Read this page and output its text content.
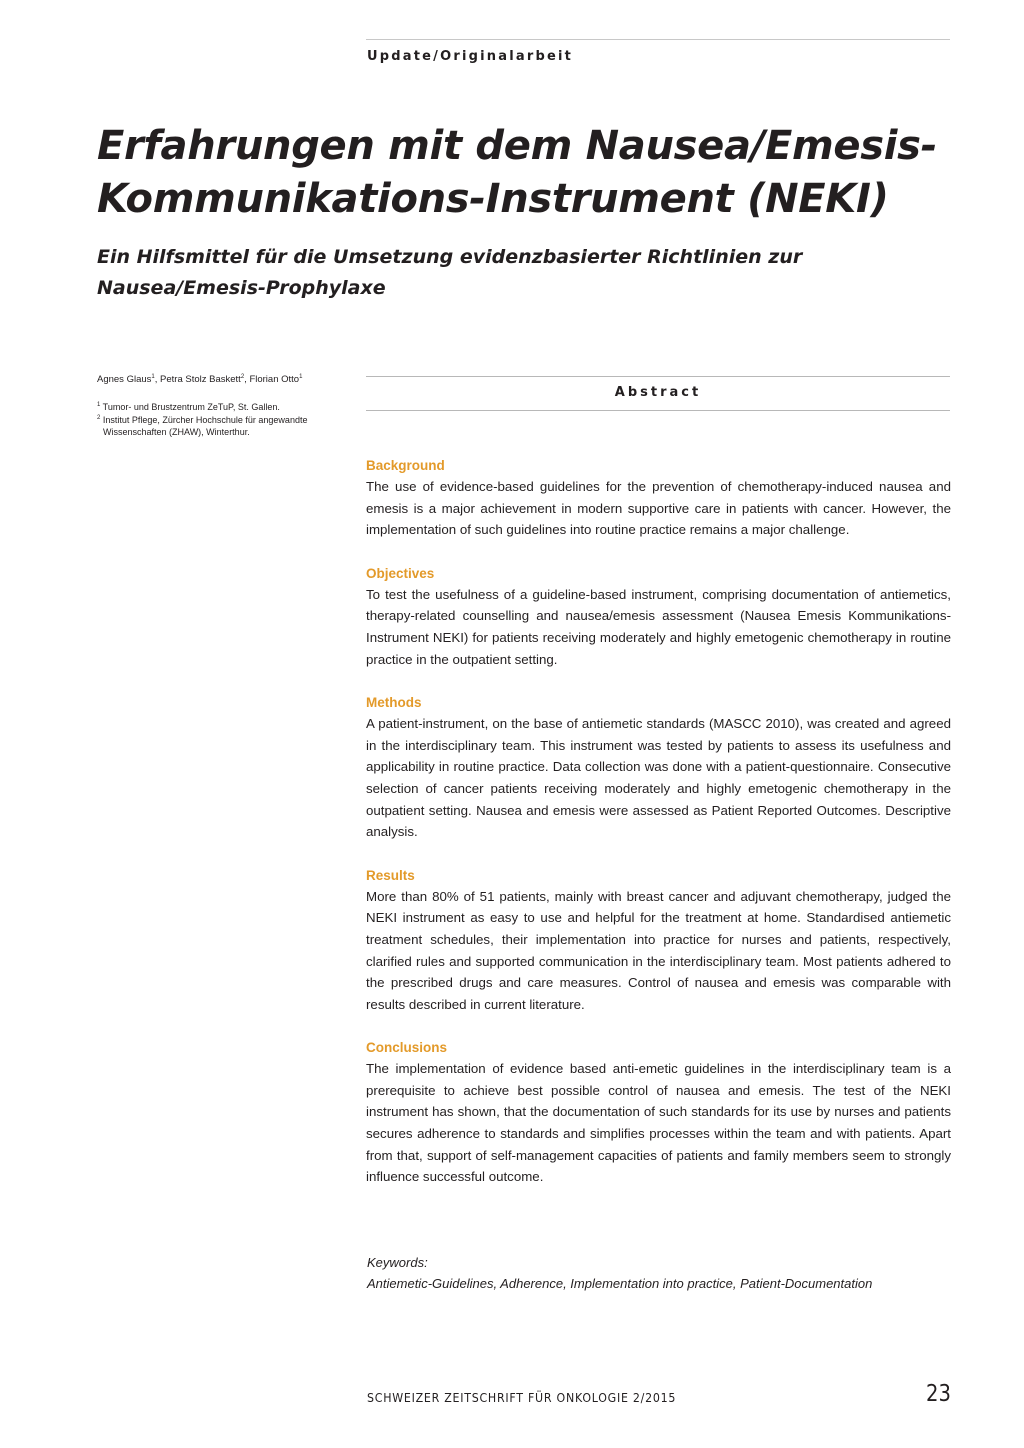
Update/Originalarbeit

Erfahrungen mit dem Nausea/Emesis-
Kommunikations-Instrument (NEKI)
Ein Hilfsmittel für die Umsetzung evidenzbasierter Richtlinien zur
Nausea/Emesis-Prophylaxe

Agnes Glaus$^1$, Petra Stolz Baskett$^2$, Florian Otto$^1$

$^1$ Tumor- und Brustzentrum ZeTuP, St. Gallen.
$^2$ Institut Pflege, Zürcher Hochschule für angewandte
Wissenschaften (ZHAW), Winterthur.

Abstract

Background

The use of evidence-based guidelines for the prevention of chemotherapy-induced nausea and emesis is a major achievement in modern supportive care in patients with cancer. However, the implementation of such guidelines into routine practice remains a major challenge.

Objectives

To test the usefulness of a guideline-based instrument, comprising documentation of antiemetics, therapy-related counselling and nausea/emesis assessment (Nausea Emesis Kommunikations-Instrument NEKI) for patients receiving moderately and highly emetogenic chemotherapy in routine practice in the outpatient setting.

Methods

A patient-instrument, on the base of antiemetic standards (MASCC 2010), was created and agreed in the interdisciplinary team. This instrument was tested by patients to assess its usefulness and applicability in routine practice. Data collection was done with a patient-questionnaire. Consecutive selection of cancer patients receiving moderately and highly emetogenic chemotherapy in the outpatient setting. Nausea and emesis were assessed as Patient Reported Outcomes. Descriptive analysis.

Results

More than 80% of 51 patients, mainly with breast cancer and adjuvant chemotherapy, judged the NEKI instrument as easy to use and helpful for the treatment at home. Standardised antiemetic treatment schedules, their implementation into practice for nurses and patients, respectively, clarified rules and supported communication in the interdisciplinary team. Most patients adhered to the prescribed drugs and care measures. Control of nausea and emesis was comparable with results described in current literature.

Conclusions

The implementation of evidence based anti-emetic guidelines in the interdisciplinary team is a prerequisite to achieve best possible control of nausea and emesis. The test of the NEKI instrument has shown, that the documentation of such standards for its use by nurses and patients secures adherence to standards and simplifies processes within the team and with patients. Apart from that, support of self-management capacities of patients and family members seem to strongly influence successful outcome.

Keywords:

Antiemetic-Guidelines, Adherence, Implementation into practice, Patient-Documentation

SCHWEIZER ZEITSCHRIFT FÜR ONKOLOGIE 2/2015	23
